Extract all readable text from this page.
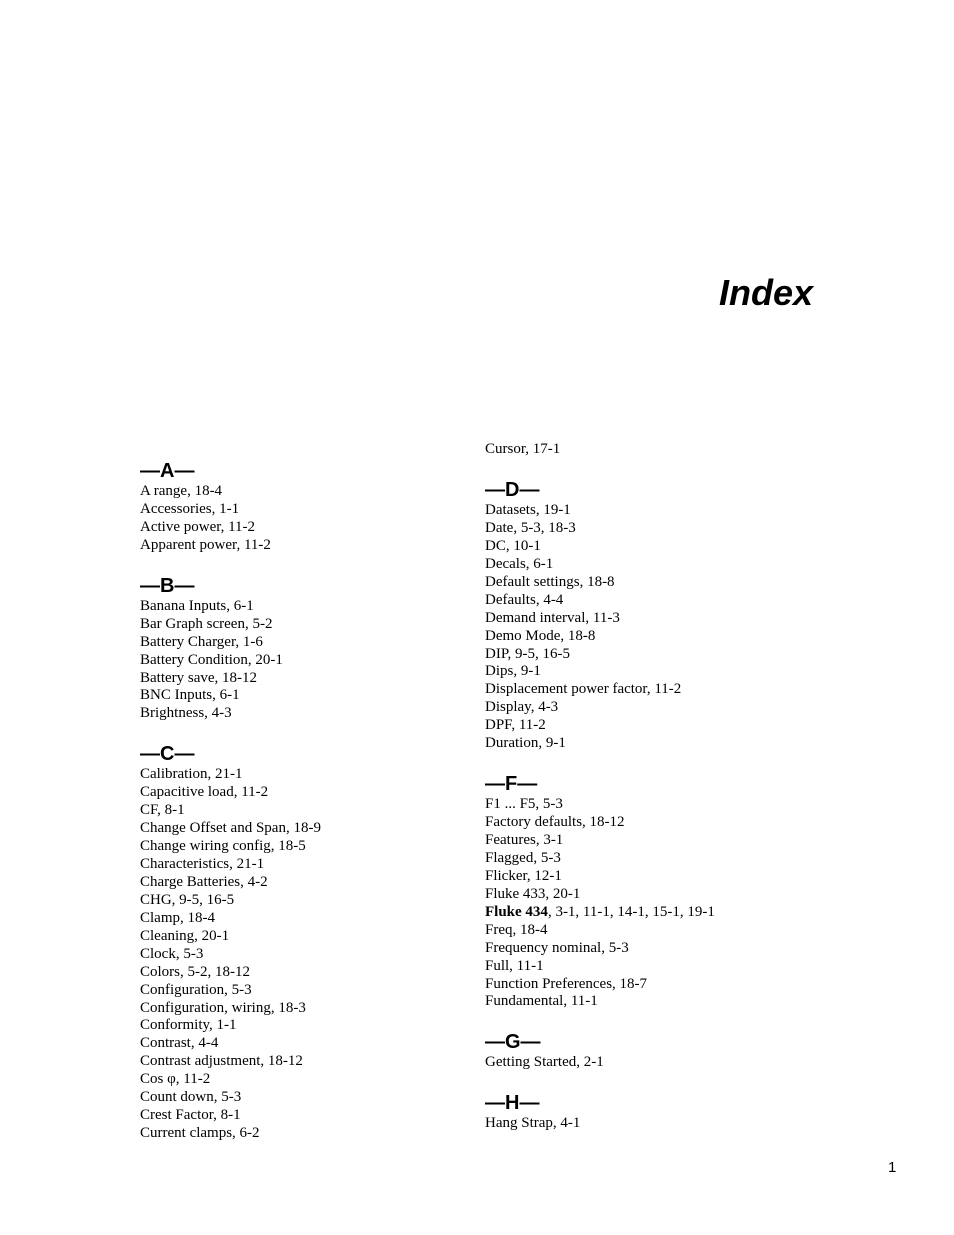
Index
—A—
A range, 18-4
Accessories, 1-1
Active power, 11-2
Apparent power, 11-2
—B—
Banana Inputs, 6-1
Bar Graph screen, 5-2
Battery Charger, 1-6
Battery Condition, 20-1
Battery save, 18-12
BNC Inputs, 6-1
Brightness, 4-3
—C—
Calibration, 21-1
Capacitive load, 11-2
CF, 8-1
Change Offset and Span, 18-9
Change wiring config, 18-5
Characteristics, 21-1
Charge Batteries, 4-2
CHG, 9-5, 16-5
Clamp, 18-4
Cleaning, 20-1
Clock, 5-3
Colors, 5-2, 18-12
Configuration, 5-3
Configuration, wiring, 18-3
Conformity, 1-1
Contrast, 4-4
Contrast adjustment, 18-12
Cos φ, 11-2
Count down, 5-3
Crest Factor, 8-1
Current clamps, 6-2
Cursor, 17-1
—D—
Datasets, 19-1
Date, 5-3, 18-3
DC, 10-1
Decals, 6-1
Default settings, 18-8
Defaults, 4-4
Demand interval, 11-3
Demo Mode, 18-8
DIP, 9-5, 16-5
Dips, 9-1
Displacement power factor, 11-2
Display, 4-3
DPF, 11-2
Duration, 9-1
—F—
F1 ... F5, 5-3
Factory defaults, 18-12
Features, 3-1
Flagged, 5-3
Flicker, 12-1
Fluke 433, 20-1
Fluke 434, 3-1, 11-1, 14-1, 15-1, 19-1
Freq, 18-4
Frequency nominal, 5-3
Full, 11-1
Function Preferences, 18-7
Fundamental, 11-1
—G—
Getting Started, 2-1
—H—
Hang Strap, 4-1
1
